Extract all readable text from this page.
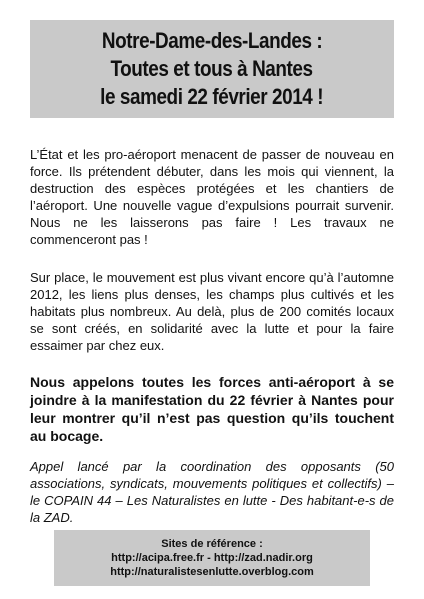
Notre-Dame-des-Landes :
Toutes et tous à Nantes
le samedi 22 février 2014 !

L’État et les pro-aéroport menacent de passer de nouveau en force. Ils prétendent débuter, dans les mois qui viennent, la destruction des espèces protégées et les chantiers de l’aéroport. Une nouvelle vague d’expulsions pourrait survenir. Nous ne les laisserons pas faire ! Les travaux ne commenceront pas !

Sur place, le mouvement est plus vivant encore qu’à l’automne 2012, les liens plus denses, les champs plus cultivés et les habitats plus nombreux. Au delà, plus de 200 comités locaux se sont créés, en solidarité avec la lutte et pour la faire essaimer par chez eux.

Nous appelons toutes les forces anti-aéroport à se joindre à la manifestation du 22 février à Nantes pour leur montrer qu’il n’est pas question qu’ils touchent au bocage.

Appel lancé par la coordination des opposants (50 associations, syndicats, mouvements politiques et collectifs) – le COPAIN 44 – Les Naturalistes en lutte - Des habitant-e-s de la ZAD.

Sites de référence :
http://acipa.free.fr - http://zad.nadir.org
http://naturalistesenlutte.overblog.com
